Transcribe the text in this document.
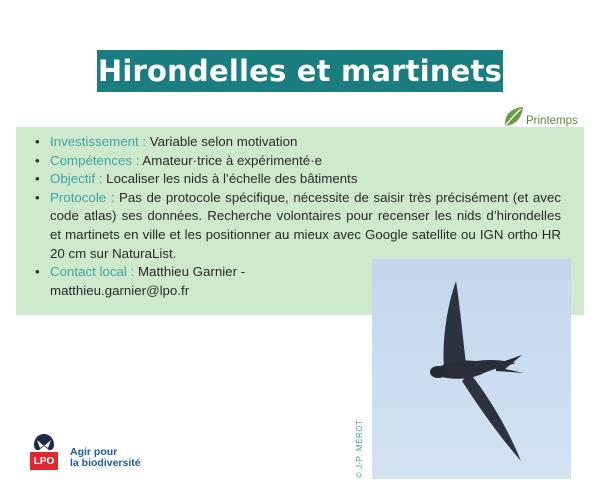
Hirondelles et martinets
Printemps
• Investissement : Variable selon motivation
• Compétences : Amateur·trice à expérimenté·e
• Objectif : Localiser les nids à l’échelle des bâtiments
• Protocole : Pas de protocole spécifique, nécessite de saisir très précisément (et avec code atlas) ses données. Recherche volontaires pour recenser les nids d’hirondelles et martinets en ville et les positionner au mieux avec Google satellite ou IGN ortho HR 20 cm sur NaturaList.
• Contact local : Matthieu Garnier - matthieu.garnier@lpo.fr
© J-P. MÉROT
LPO
Agir pour
la biodiversité
